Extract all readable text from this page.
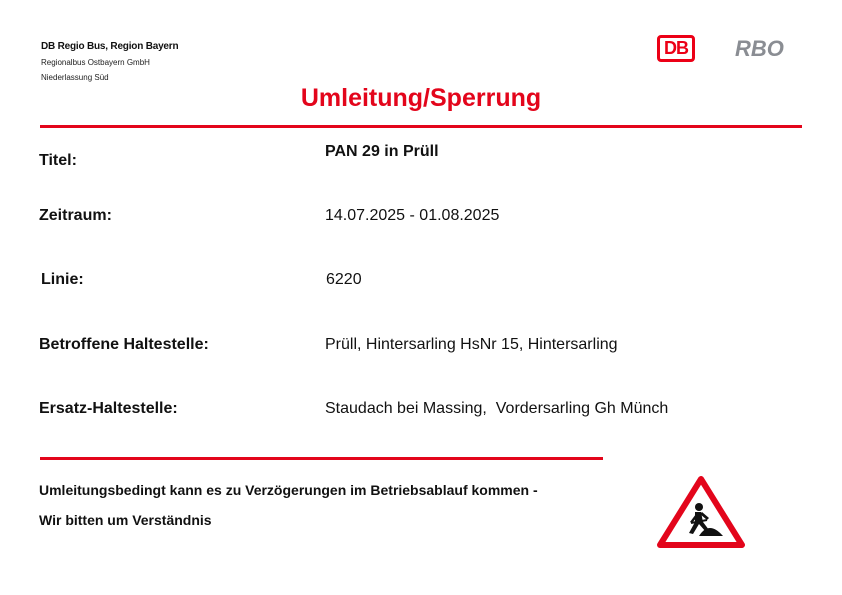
DB Regio Bus, Region Bayern
Regionalbus Ostbayern GmbH
Niederlassung Süd
DB	RBO
Umleitung/Sperrung
Titel:
PAN 29 in Prüll
Zeitraum:	14.07.2025 - 01.08.2025
Linie:	6220
Betroffene Haltestelle:	Prüll, Hintersarling HsNr 15, Hintersarling
Ersatz-Haltestelle:	Staudach bei Massing,  Vordersarling Gh Münch
Umleitungsbedingt kann es zu Verzögerungen im Betriebsablauf kommen -
Wir bitten um Verständnis
